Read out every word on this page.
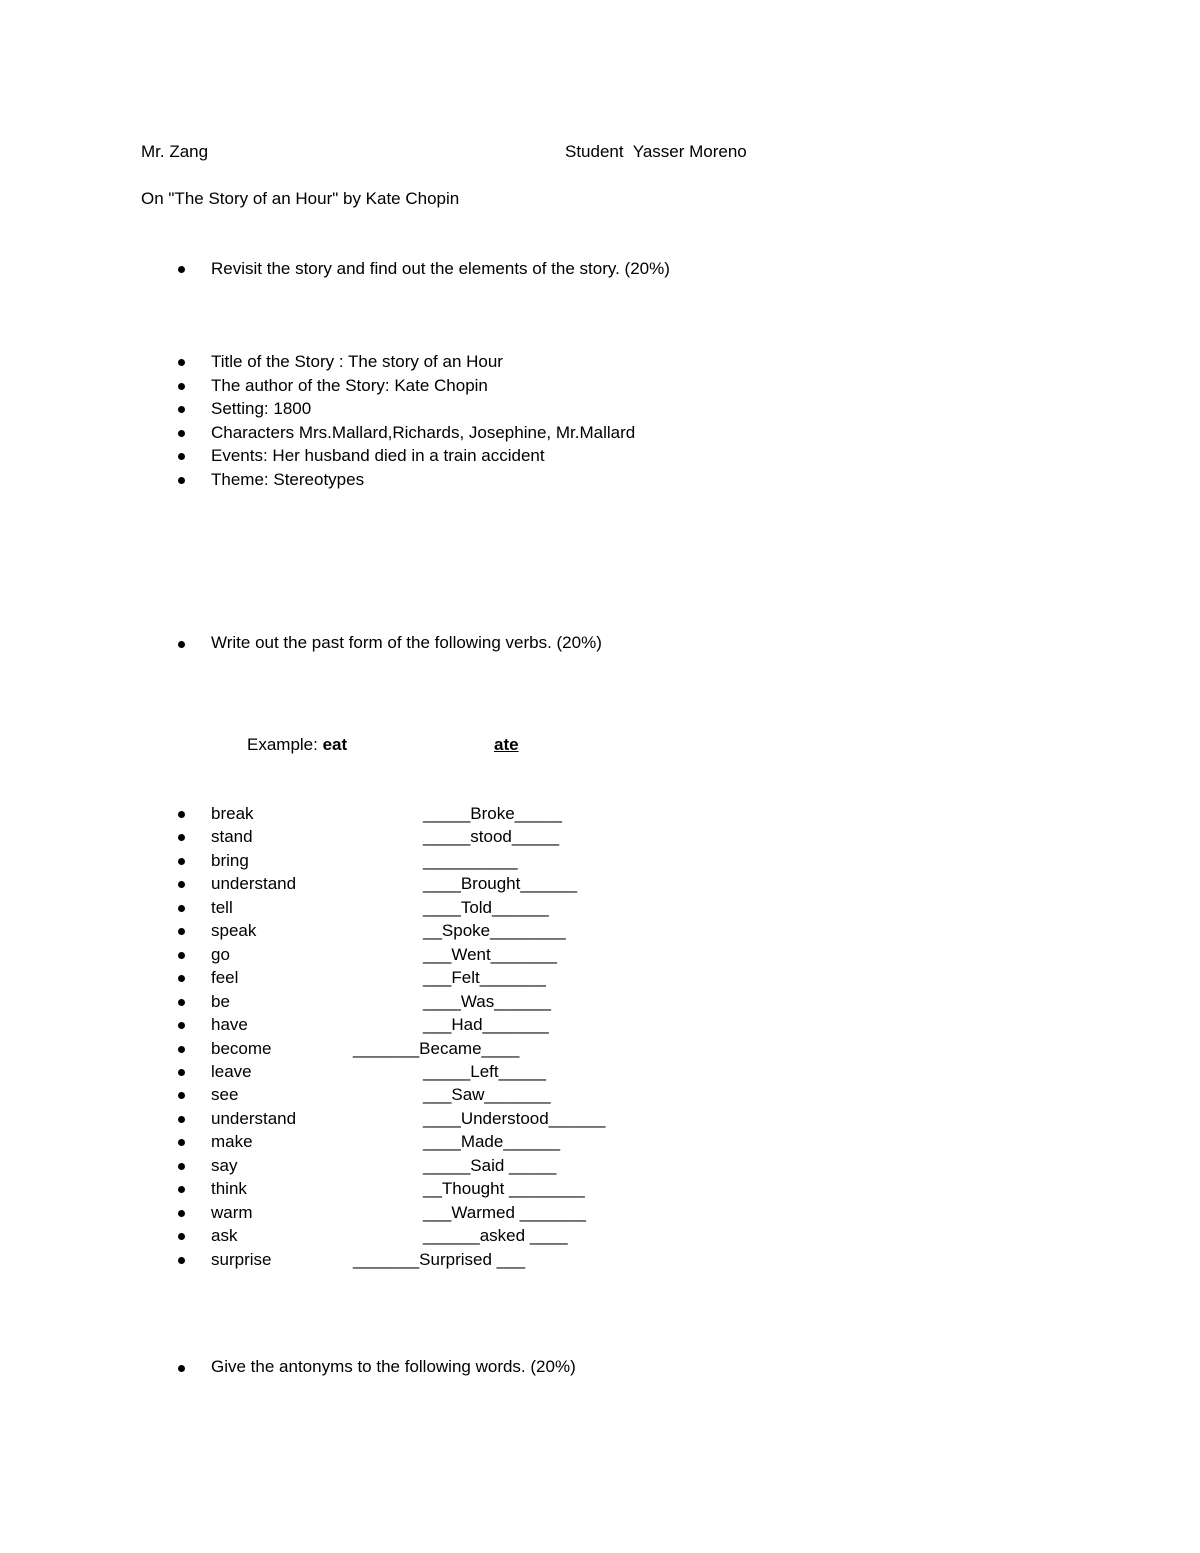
Mr. Zang	Student  Yasser Moreno
On "The Story of an Hour" by Kate Chopin
Revisit the story and find out the elements of the story. (20%)
Title of the Story : The story of an Hour
The author of the Story: Kate Chopin
Setting: 1800
Characters Mrs.Mallard,Richards, Josephine, Mr.Mallard
Events: Her husband died in a train accident
Theme: Stereotypes
Write out the past form of the following verbs. (20%)
Example: eat	ate
break	_____Broke_____
stand	_____stood_____
bring	__________
understand	____Brought______
tell	____Told______
speak	__Spoke________
go	___Went_______
feel	___Felt_______
be	____Was______
have	___Had_______
become	_______Became____
leave	_____Left_____
see	___Saw_______
understand	____Understood______
make	____Made______
say	_____Said _____
think	__Thought ________
warm	___Warmed _______
ask	______asked ____
surprise	_______Surprised ___
Give the antonyms to the following words. (20%)
